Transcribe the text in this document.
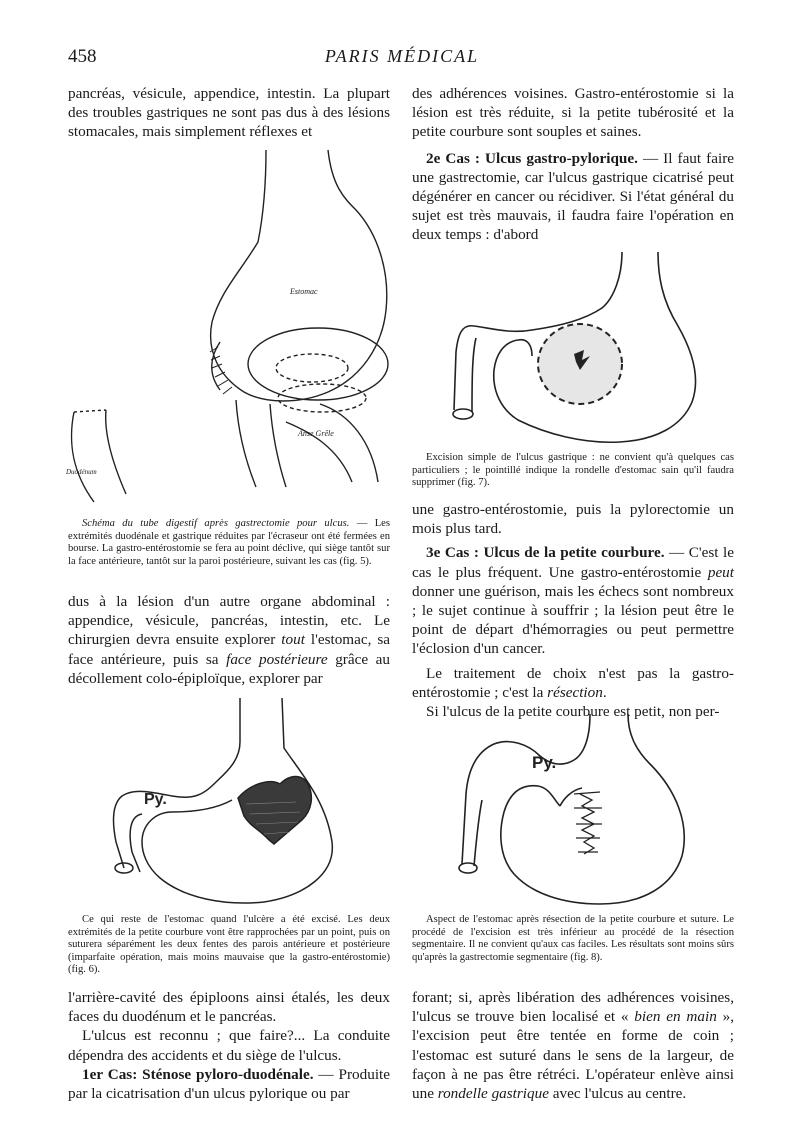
458	PARIS MÉDICAL

pancréas, vésicule, appendice, intestin. La plupart des troubles gastriques ne sont pas dus à des lésions stomacales, mais simplement réflexes et

Estomac
Anse Grêle
Duodénum

Schéma du tube digestif après gastrectomie pour ulcus. — Les extrémités duodénale et gastrique réduites par l'écraseur ont été fermées en bourse. La gastro-entérostomie se fera au point déclive, qui siège tantôt sur la face antérieure, tantôt sur la paroi postérieure, suivant les cas (fig. 5).

dus à la lésion d'un autre organe abdominal : appendice, vésicule, pancréas, intestin, etc. Le chirurgien devra ensuite explorer tout l'estomac, sa face antérieure, puis sa face postérieure grâce au décollement colo-épiploïque, explorer par

Py.

Ce qui reste de l'estomac quand l'ulcère a été excisé. Les deux extrémités de la petite courbure vont être rapprochées par un point, puis on suturera séparément les deux fentes des parois antérieure et postérieure (imparfaite opération, mais moins mauvaise que la gastro-entérostomie) (fig. 6).

l'arrière-cavité des épiploons ainsi étalés, les deux faces du duodénum et le pancréas.

L'ulcus est reconnu ; que faire?... La conduite dépendra des accidents et du siège de l'ulcus.

1er Cas: Sténose pyloro-duodénale. — Produite par la cicatrisation d'un ulcus pylorique ou par

des adhérences voisines. Gastro-entérostomie si la lésion est très réduite, si la petite tubérosité et la petite courbure sont souples et saines.

2e Cas : Ulcus gastro-pylorique. — Il faut faire une gastrectomie, car l'ulcus gastrique cicatrisé peut dégénérer en cancer ou récidiver. Si l'état général du sujet est très mauvais, il faudra faire l'opération en deux temps : d'abord

Excision simple de l'ulcus gastrique : ne convient qu'à quelques cas particuliers ; le pointillé indique la rondelle d'estomac sain qu'il faudra supprimer (fig. 7).

une gastro-entérostomie, puis la pylorectomie un mois plus tard.

3e Cas : Ulcus de la petite courbure. — C'est le cas le plus fréquent. Une gastro-entérostomie peut donner une guérison, mais les échecs sont nombreux ; le sujet continue à souffrir ; la lésion peut être le point de départ d'hémorragies ou peut permettre l'éclosion d'un cancer.

Le traitement de choix n'est pas la gastro-entérostomie ; c'est la résection.

Si l'ulcus de la petite courbure est petit, non per-

Py.

Aspect de l'estomac après résection de la petite courbure et suture. Le procédé de l'excision est très inférieur au procédé de la résection segmentaire. Il ne convient qu'aux cas faciles. Les résultats sont moins sûrs qu'après la gastrectomie segmentaire (fig. 8).

forant; si, après libération des adhérences voisines, l'ulcus se trouve bien localisé et « bien en main », l'excision peut être tentée en forme de coin ; l'estomac est suturé dans le sens de la largeur, de façon à ne pas être rétréci. L'opérateur enlève ainsi une rondelle gastrique avec l'ulcus au centre.
